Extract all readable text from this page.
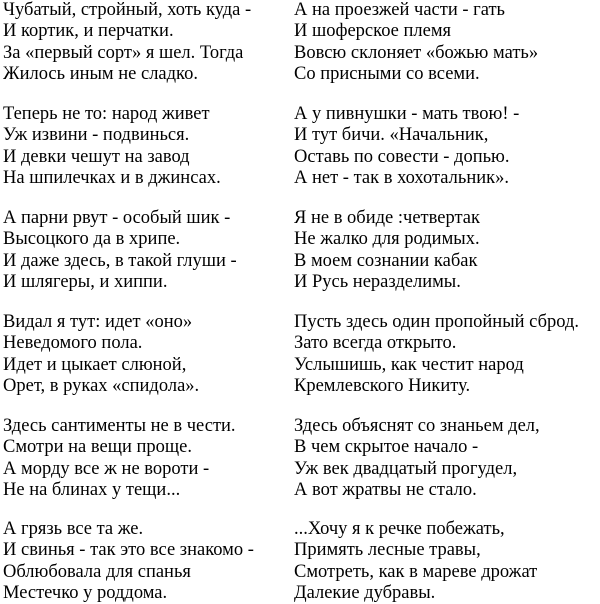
Чубатый, стройный, хоть куда -
И кортик, и перчатки.
За «первый сорт» я шел. Тогда
Жилось иным не сладко.
Теперь не то: народ живет
Уж извини - подвинься.
И девки чешут на завод
На шпилечках и в джинсах.
А парни рвут - особый шик -
Высоцкого да в хрипе.
И даже здесь, в такой глуши -
И шлягеры, и хиппи.
Видал я тут: идет «оно»
Неведомого пола.
Идет и цыкает слюной,
Орет, в руках «спидола».
Здесь сантименты не в чести.
Смотри на вещи проще.
А морду все ж не вороти -
Не на блинах у тещи...
А грязь все та же.
И свинья - так это все знакомо -
Облюбовала для спанья
Местечко у роддома.
А на проезжей части - гать
И шоферское племя
Вовсю склоняет «божью мать»
Со присными со всеми.
А у пивнушки - мать твою! -
И тут бичи. «Начальник,
Оставь по совести - допью.
А нет - так в хохотальник».
Я не в обиде :четвертак
Не жалко для родимых.
В моем сознании кабак
И Русь неразделимы.
Пусть здесь один пропойный сброд.
Зато всегда открыто.
Услышишь, как честит народ
Кремлевского Никиту.
Здесь объяснят со знаньем дел,
В чем скрытое начало -
Уж век двадцатый прогудел,
А вот жратвы не стало.
...Хочу я к речке побежать,
Примять лесные травы,
Смотреть, как в мареве дрожат
Далекие дубравы.
